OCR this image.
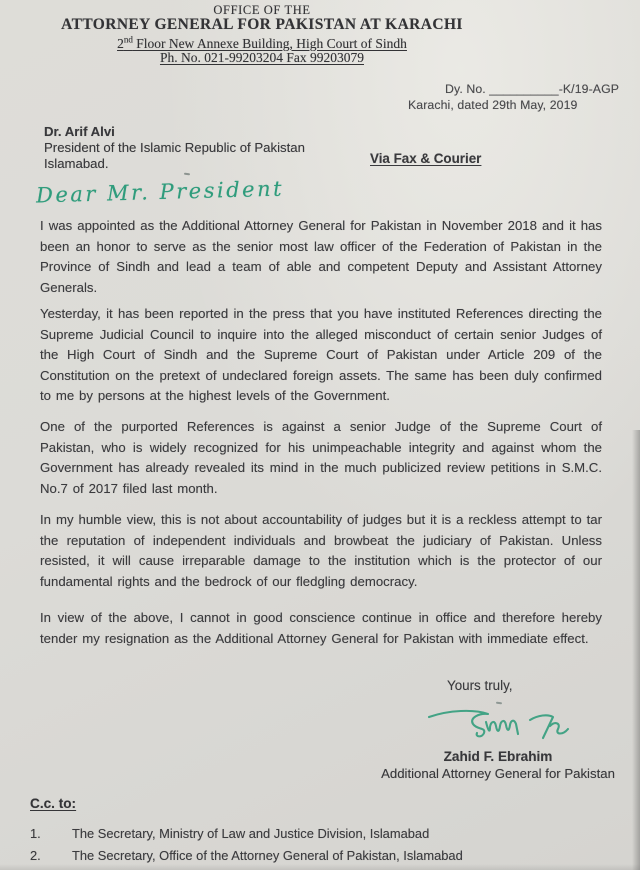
OFFICE OF THE
ATTORNEY GENERAL FOR PAKISTAN AT KARACHI
2nd Floor New Annexe Building, High Court of Sindh
Ph. No. 021-99203204 Fax 99203079
Dy. No. __________-K/19-AGP
Karachi, dated 29th May, 2019
Dr. Arif Alvi
President of the Islamic Republic of Pakistan
Islamabad.	Via Fax & Courier
Dear Mr. President

I was appointed as the Additional Attorney General for Pakistan in November 2018 and it has been an honor to serve as the senior most law officer of the Federation of Pakistan in the Province of Sindh and lead a team of able and competent Deputy and Assistant Attorney Generals.

Yesterday, it has been reported in the press that you have instituted References directing the Supreme Judicial Council to inquire into the alleged misconduct of certain senior Judges of the High Court of Sindh and the Supreme Court of Pakistan under Article 209 of the Constitution on the pretext of undeclared foreign assets. The same has been duly confirmed to me by persons at the highest levels of the Government.

One of the purported References is against a senior Judge of the Supreme Court of Pakistan, who is widely recognized for his unimpeachable integrity and against whom the Government has already revealed its mind in the much publicized review petitions in S.M.C. No.7 of 2017 filed last month.

In my humble view, this is not about accountability of judges but it is a reckless attempt to tar the reputation of independent individuals and browbeat the judiciary of Pakistan. Unless resisted, it will cause irreparable damage to the institution which is the protector of our fundamental rights and the bedrock of our fledgling democracy.

In view of the above, I cannot in good conscience continue in office and therefore hereby tender my resignation as the Additional Attorney General for Pakistan with immediate effect.

Yours truly,
Zahid F. Ebrahim
Additional Attorney General for Pakistan
C.c. to:
1. The Secretary, Ministry of Law and Justice Division, Islamabad
2. The Secretary, Office of the Attorney General of Pakistan, Islamabad
